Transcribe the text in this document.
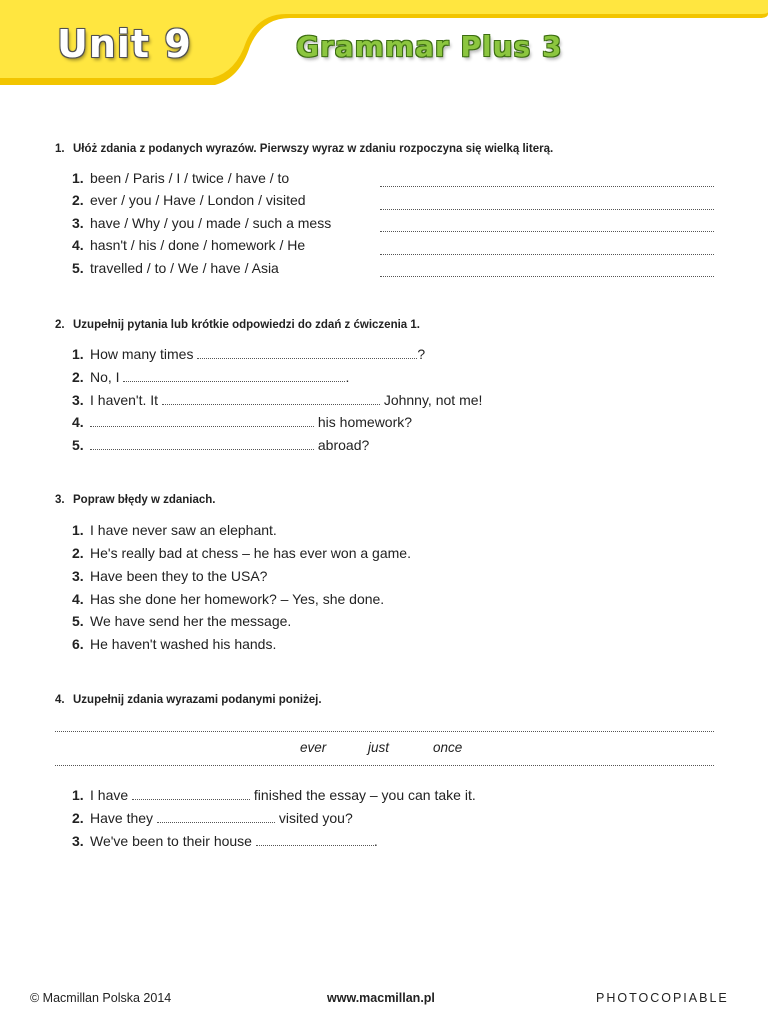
Unit 9	Grammar Plus 3
1. Ułóż zdania z podanych wyrazów. Pierwszy wyraz w zdaniu rozpoczyna się wielką literą.
1. been / Paris / I / twice / have / to
2. ever / you / Have / London / visited
3. have / Why / you / made / such a mess
4. hasn't / his / done / homework / He
5. travelled / to / We / have / Asia
2. Uzupełnij pytania lub krótkie odpowiedzi do zdań z ćwiczenia 1.
1. How many times	?
2. No, I	.
3. I haven't. It	Johnny, not me!
4.	his homework?
5.	abroad?
3. Popraw błędy w zdaniach.
1. I have never saw an elephant.
2. He's really bad at chess – he has ever won a game.
3. Have been they to the USA?
4. Has she done her homework? – Yes, she done.
5. We have send her the message.
6. He haven't washed his hands.
4. Uzupełnij zdania wyrazami podanymi poniżej.
ever	just	once
1. I have	finished the essay – you can take it.
2. Have they	visited you?
3. We've been to their house	.
© Macmillan Polska 2014	www.macmillan.pl	PHOTOCOPIABLE
